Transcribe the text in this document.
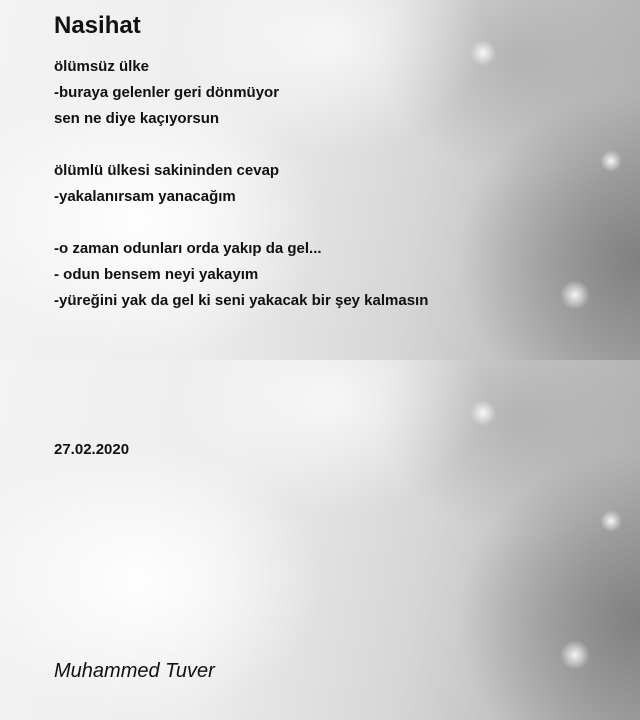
Nasihat
ölümsüz ülke
-buraya gelenler geri dönmüyor
sen ne diye kaçıyorsun
ölümlü ülkesi sakininden cevap
-yakalanırsam yanacağım
-o zaman odunları orda yakıp da gel...
- odun bensem neyi yakayım
-yüreğini yak da gel ki seni yakacak bir şey kalmasın
27.02.2020
Muhammed Tuver
